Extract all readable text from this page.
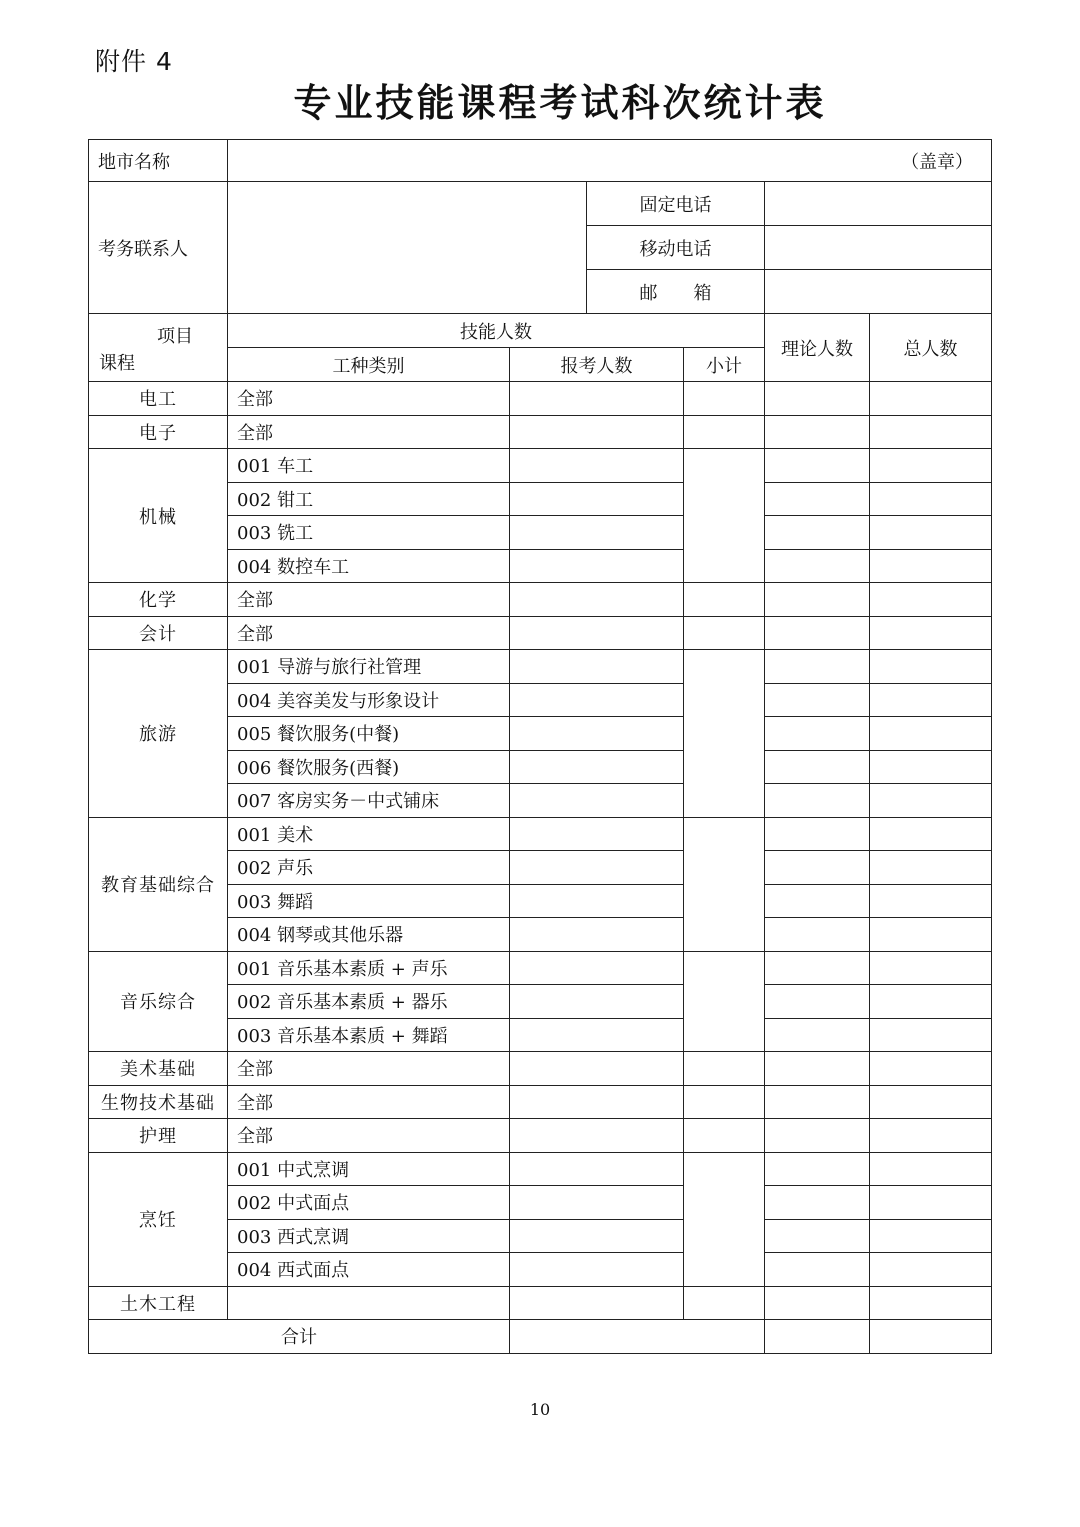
附件 4
专业技能课程考试科次统计表
地市名称	（盖章）					
考务联系人			固定电话			
			移动电话			
			邮　　箱			

项目
课程	技能人数				理论人数	总人数
	工种类别	报考人数		小计		
电工	全部					
电子	全部					
机械	001 车工					
	002 钳工					
	003 铣工					
	004 数控车工					
化学	全部					
会计	全部					
旅游	001 导游与旅行社管理					
	004 美容美发与形象设计					
	005 餐饮服务(中餐)					
	006 餐饮服务(西餐)					
	007 客房实务－中式铺床					
教育基础综合	001 美术					
	002 声乐					
	003 舞蹈					
	004 钢琴或其他乐器					
音乐综合	001 音乐基本素质 + 声乐					
	002 音乐基本素质 + 器乐					
	003 音乐基本素质 + 舞蹈					
美术基础	全部					
生物技术基础	全部					
护理	全部					
烹饪	001 中式烹调					
	002 中式面点					
	003 西式烹调					
	004 西式面点					
土木工程						
合计						
10
